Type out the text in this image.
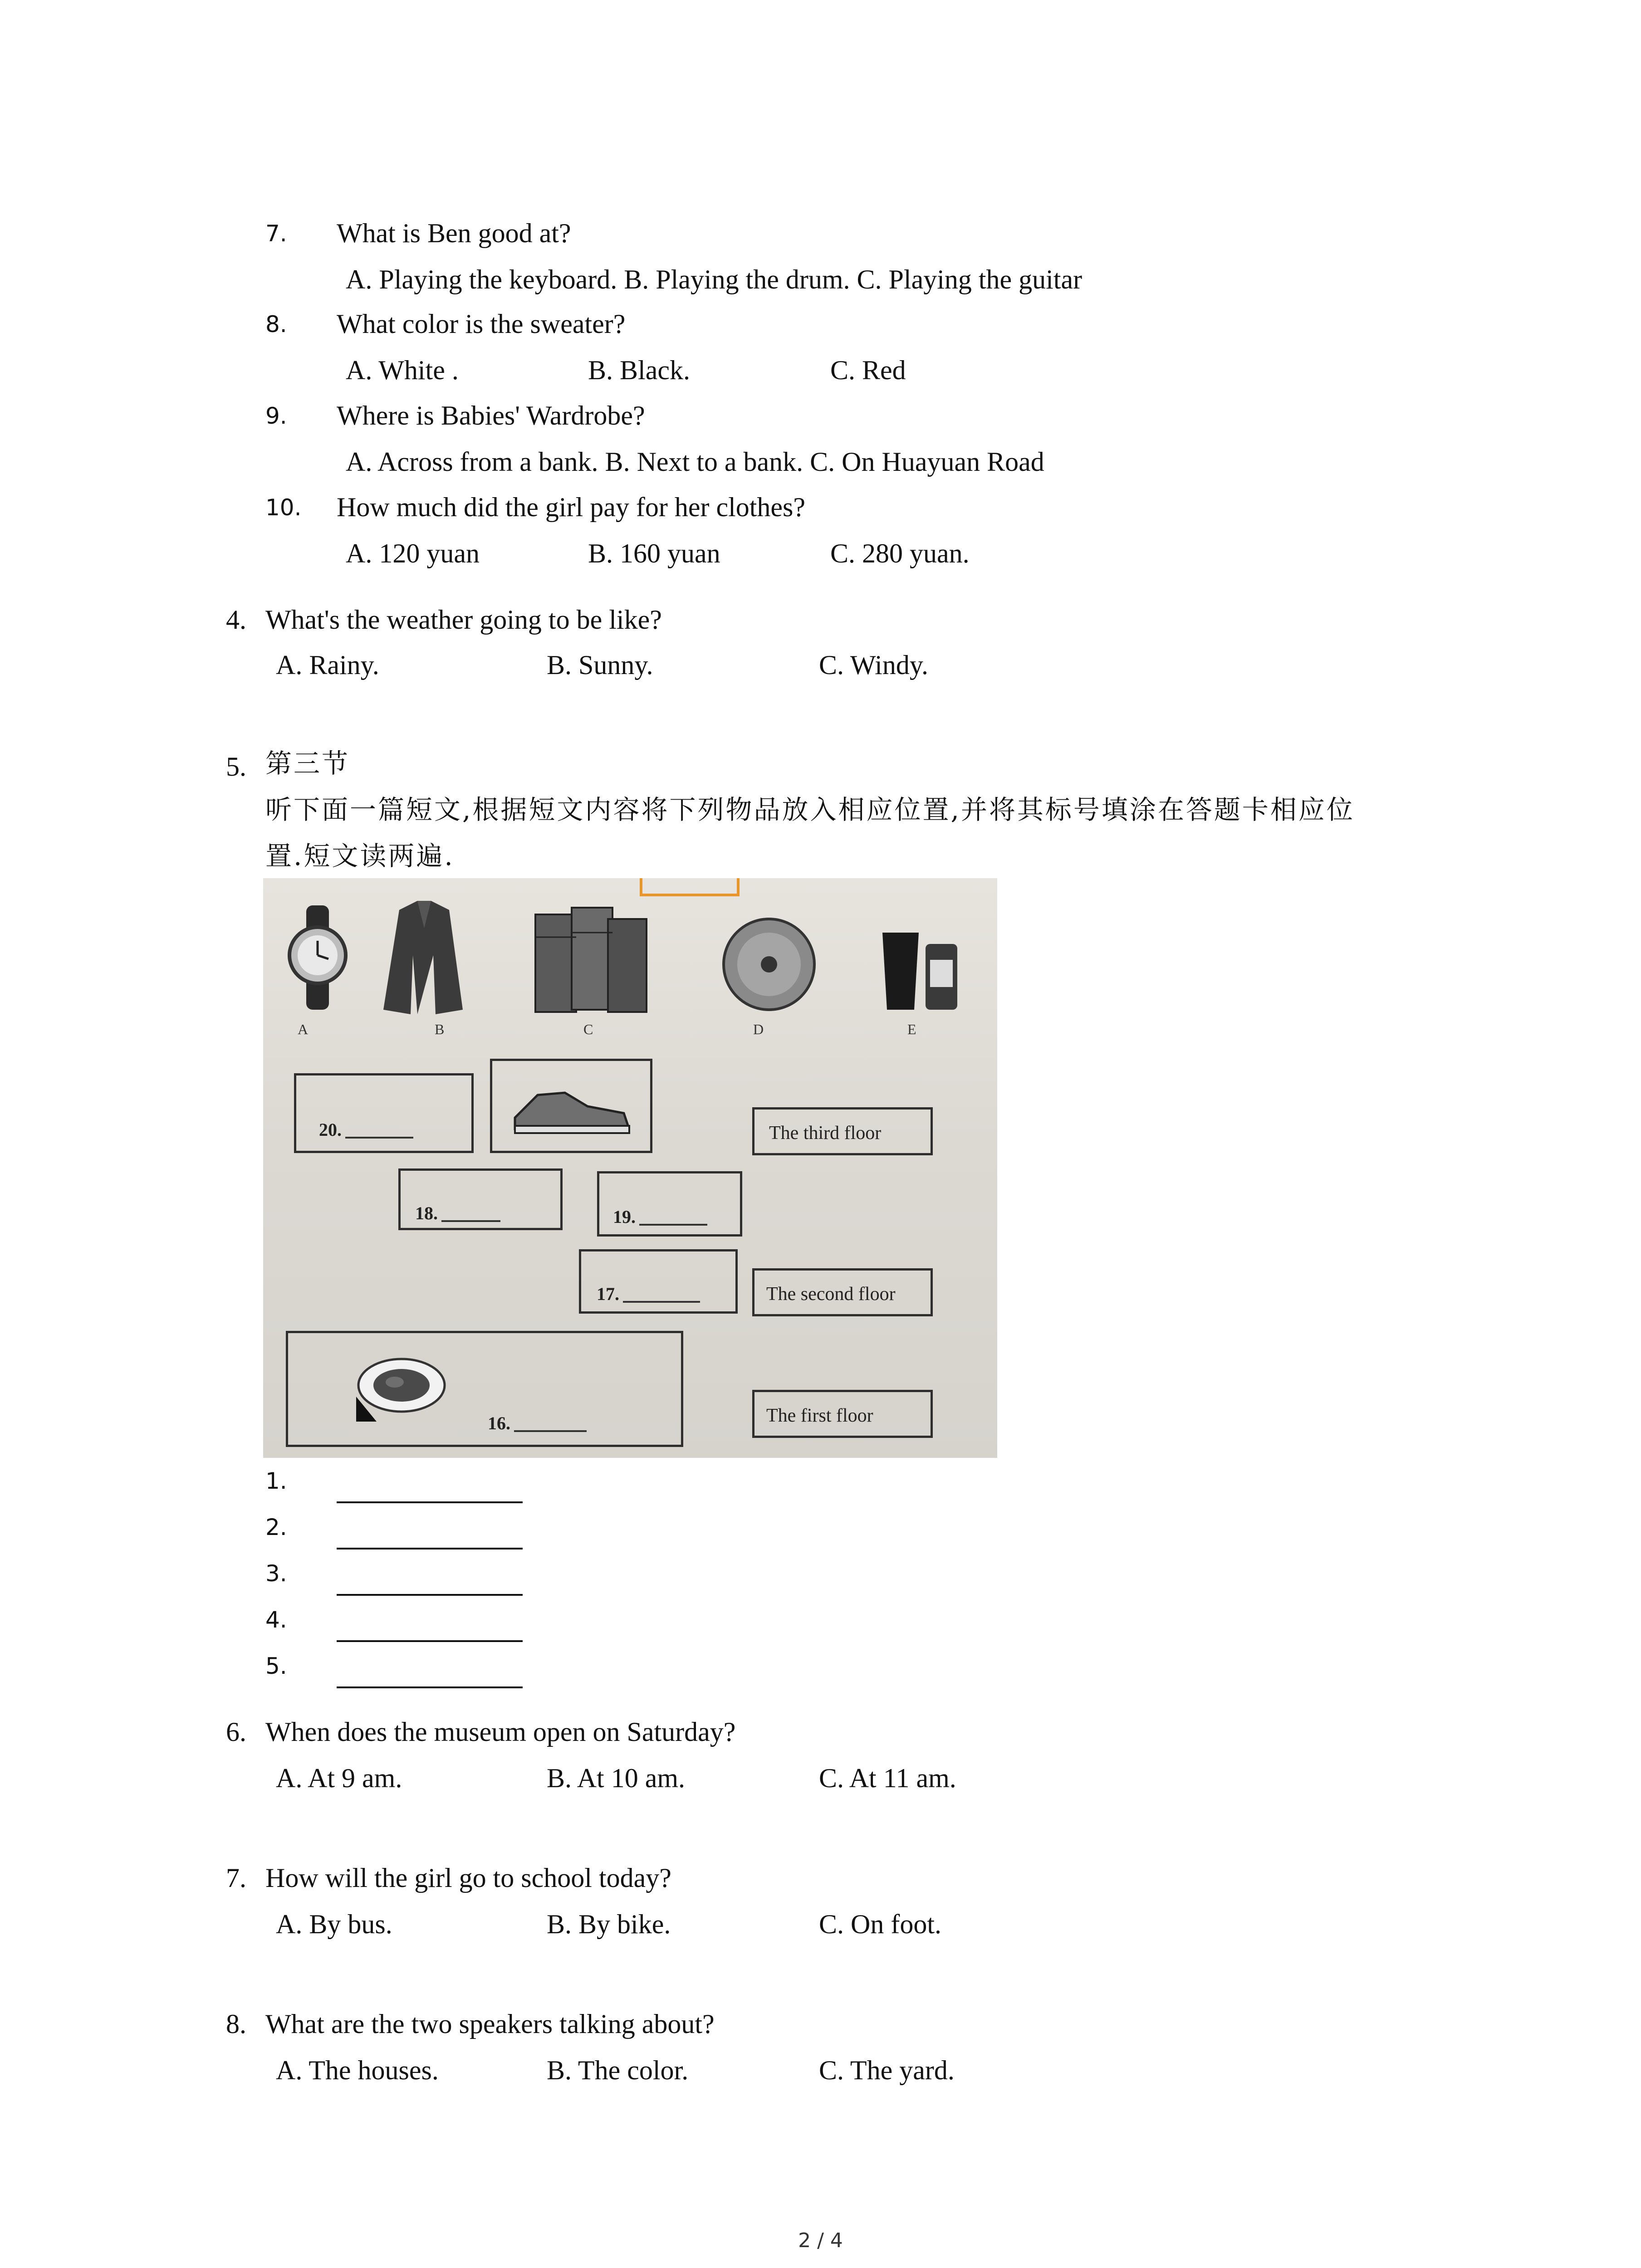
7. What is Ben good at?
A. Playing the keyboard. B. Playing the drum. C. Playing the guitar
8. What color is the sweater?
A. White .	B. Black.	C. Red
9. Where is Babies' Wardrobe?
A. Across from a bank. B. Next to a bank. C. On Huayuan Road
10. How much did the girl pay for her clothes?
A. 120 yuan	B. 160 yuan	C. 280 yuan.
4. What's the weather going to be like?
A. Rainy.	B. Sunny.	C. Windy.
5. 第三节
听下面一篇短文,根据短文内容将下列物品放入相应位置,并将其标号填涂在答题卡相应位
置.短文读两遍.
A	B	C	D	E
20.	The third floor
18.	19.
17.	The second floor
16.	The first floor
1.
2.
3.
4.
5.
6. When does the museum open on Saturday?
A. At 9 am.	B. At 10 am.	C. At 11 am.
7. How will the girl go to school today?
A. By bus.	B. By bike.	C. On foot.
8. What are the two speakers talking about?
A. The houses.	B. The color.	C. The yard.
2 / 4
